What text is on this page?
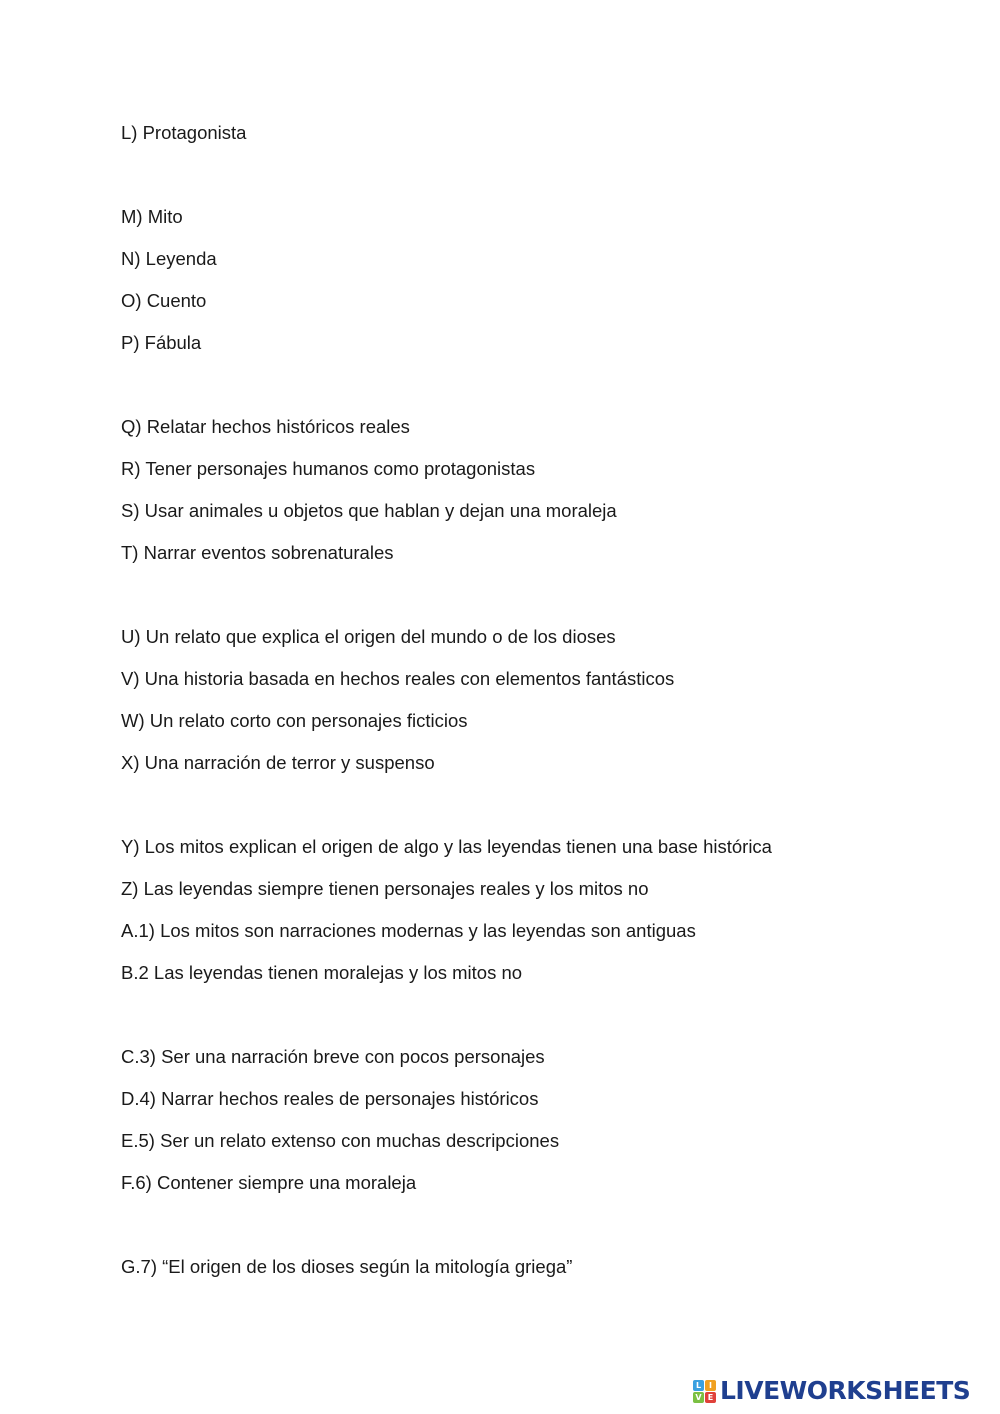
L) Protagonista
M) Mito
N) Leyenda
O) Cuento
P) Fábula
Q) Relatar hechos históricos reales
R) Tener personajes humanos como protagonistas
S) Usar animales u objetos que hablan y dejan una moraleja
T) Narrar eventos sobrenaturales
U) Un relato que explica el origen del mundo o de los dioses
V) Una historia basada en hechos reales con elementos fantásticos
W) Un relato corto con personajes ficticios
X) Una narración de terror y suspenso
Y) Los mitos explican el origen de algo y las leyendas tienen una base histórica
Z) Las leyendas siempre tienen personajes reales y los mitos no
A.1) Los mitos son narraciones modernas y las leyendas son antiguas
B.2 Las leyendas tienen moralejas y los mitos no
C.3) Ser una narración breve con pocos personajes
D.4) Narrar hechos reales de personajes históricos
E.5) Ser un relato extenso con muchas descripciones
F.6) Contener siempre una moraleja
G.7) “El origen de los dioses según la mitología griega”
L I
V E LIVEWORKSHEETS
